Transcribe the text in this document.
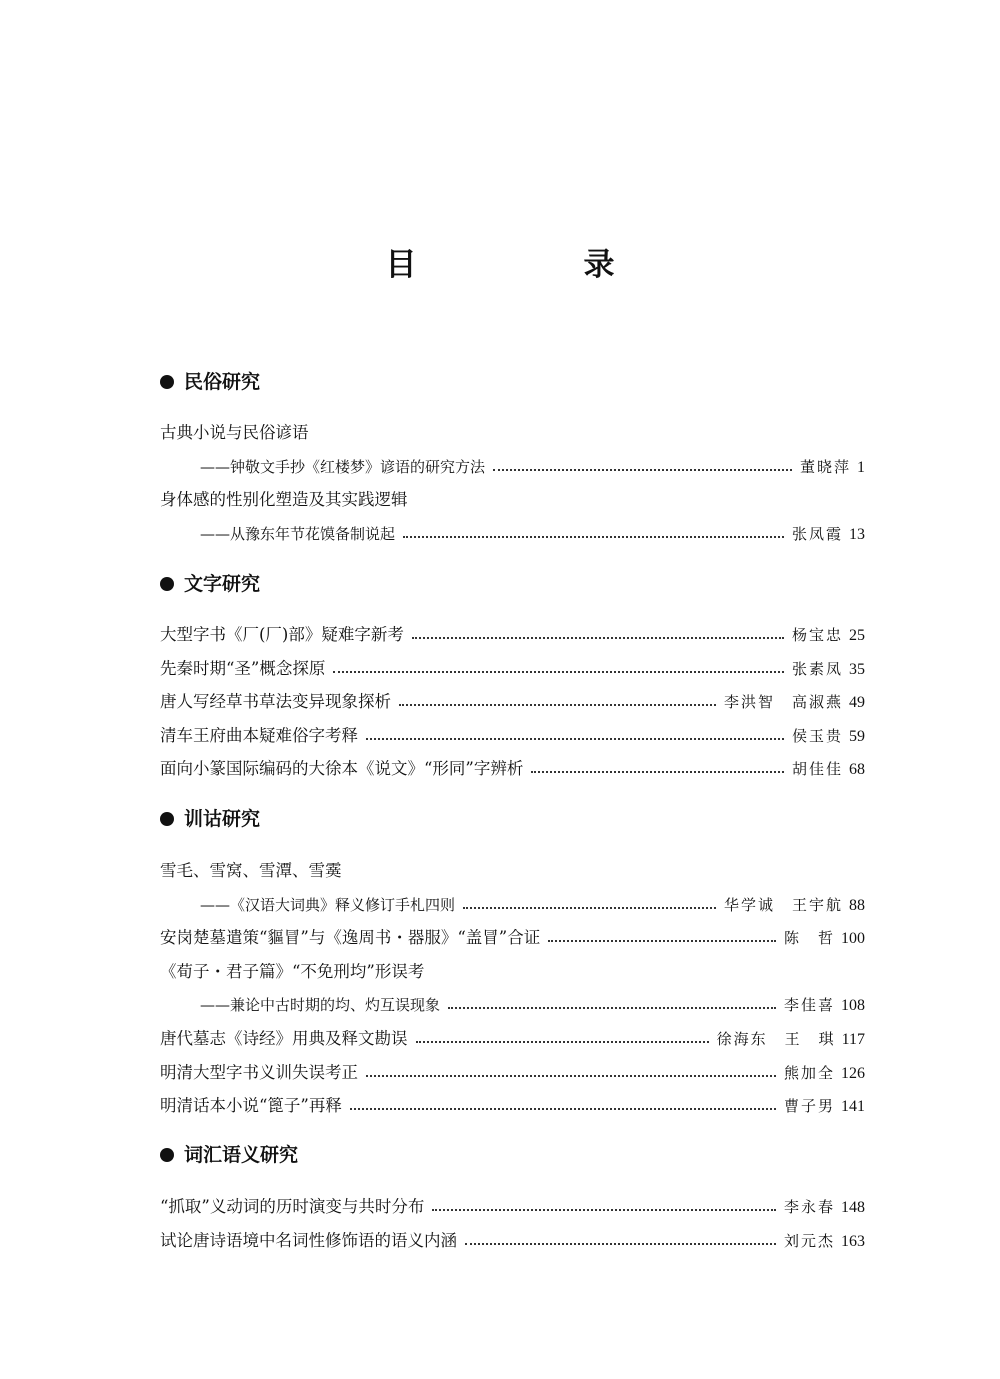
目　录
民俗研究
古典小说与民俗谚语
——钟敬文手抄《红楼梦》谚语的研究方法	董晓萍 1
身体感的性别化塑造及其实践逻辑
——从豫东年节花馍备制说起	张凤霞 13
文字研究
大型字书《厂(厂)部》疑难字新考	杨宝忠 25
先秦时期“圣”概念探原	张素凤 35
唐人写经草书草法变异现象探析	李洪智　高淑燕 49
清车王府曲本疑难俗字考释	侯玉贵 59
面向小篆国际编码的大徐本《说文》“形同”字辨析	胡佳佳 68
训诂研究
雪毛、雪窝、雪潭、雪霙
——《汉语大词典》释义修订手札四则	华学诚　王宇航 88
安岗楚墓遣策“貙冒”与《逸周书・器服》“盖冒”合证	陈　哲 100
《荀子・君子篇》“不免刑均”形误考
——兼论中古时期的均、灼互误现象	李佳喜 108
唐代墓志《诗经》用典及释文勘误	徐海东　王　琪 117
明清大型字书义训失误考正	熊加全 126
明清话本小说“篦子”再释	曹子男 141
词汇语义研究
“抓取”义动词的历时演变与共时分布	李永春 148
试论唐诗语境中名词性修饰语的语义内涵	刘元杰 163
